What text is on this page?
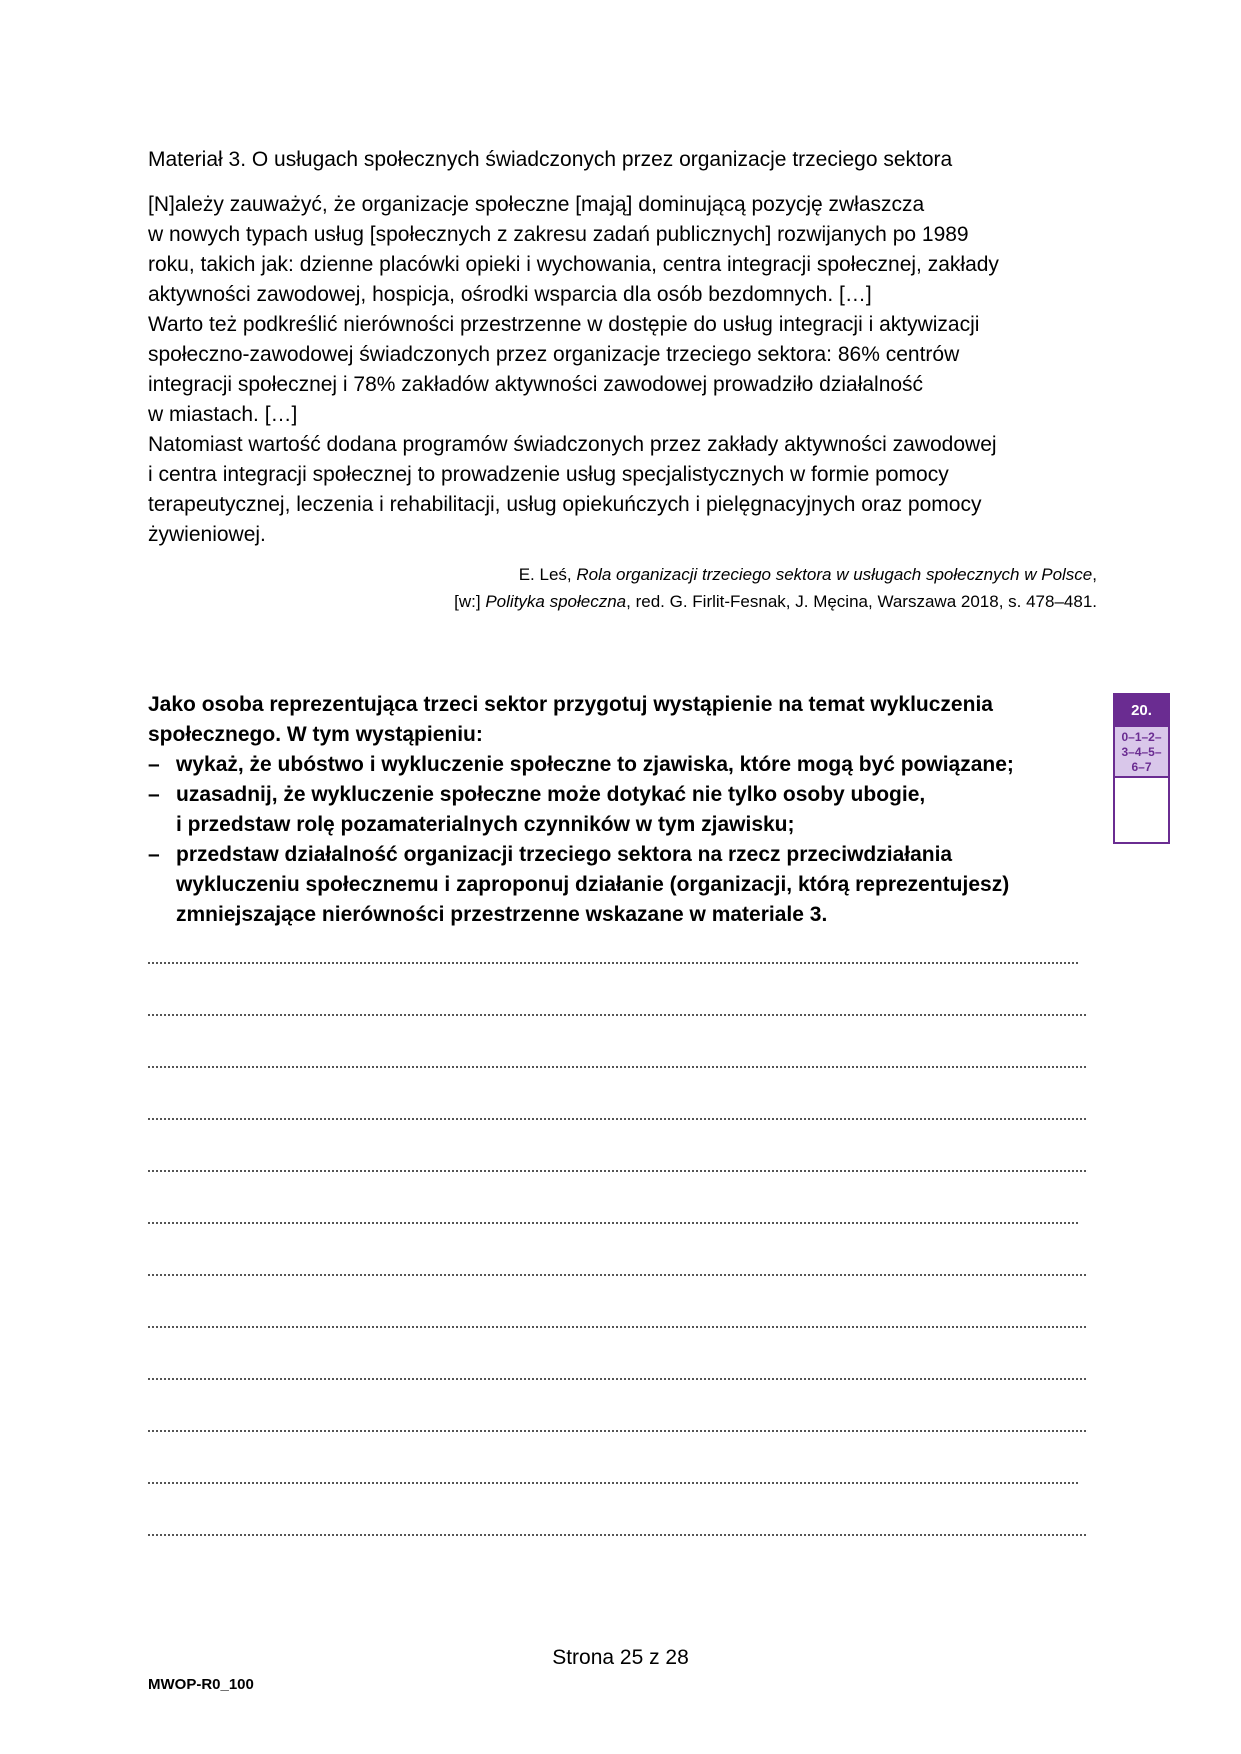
Materiał 3. O usługach społecznych świadczonych przez organizacje trzeciego sektora
[N]ależy zauważyć, że organizacje społeczne [mają] dominującą pozycję zwłaszcza
w nowych typach usług [społecznych z zakresu zadań publicznych] rozwijanych po 1989
roku, takich jak: dzienne placówki opieki i wychowania, centra integracji społecznej, zakłady
aktywności zawodowej, hospicja, ośrodki wsparcia dla osób bezdomnych. […]
Warto też podkreślić nierówności przestrzenne w dostępie do usług integracji i aktywizacji
społeczno-zawodowej świadczonych przez organizacje trzeciego sektora: 86% centrów
integracji społecznej i 78% zakładów aktywności zawodowej prowadziło działalność
w miastach. […]
Natomiast wartość dodana programów świadczonych przez zakłady aktywności zawodowej
i centra integracji społecznej to prowadzenie usług specjalistycznych w formie pomocy
terapeutycznej, leczenia i rehabilitacji, usług opiekuńczych i pielęgnacyjnych oraz pomocy
żywieniowej.
E. Leś, Rola organizacji trzeciego sektora w usługach społecznych w Polsce,
[w:] Polityka społeczna, red. G. Firlit-Fesnak, J. Męcina, Warszawa 2018, s. 478–481.
Jako osoba reprezentująca trzeci sektor przygotuj wystąpienie na temat wykluczenia
społecznego. W tym wystąpieniu:
– wykaż, że ubóstwo i wykluczenie społeczne to zjawiska, które mogą być powiązane;
– uzasadnij, że wykluczenie społeczne może dotykać nie tylko osoby ubogie,
i przedstaw rolę pozamaterialnych czynników w tym zjawisku;
– przedstaw działalność organizacji trzeciego sektora na rzecz przeciwdziałania
wykluczeniu społecznemu i zaproponuj działanie (organizacji, którą reprezentujesz)
zmniejszające nierówności przestrzenne wskazane w materiale 3.
20.
0–1–2–
3–4–5–
6–7
Strona 25 z 28
MWOP-R0_100
